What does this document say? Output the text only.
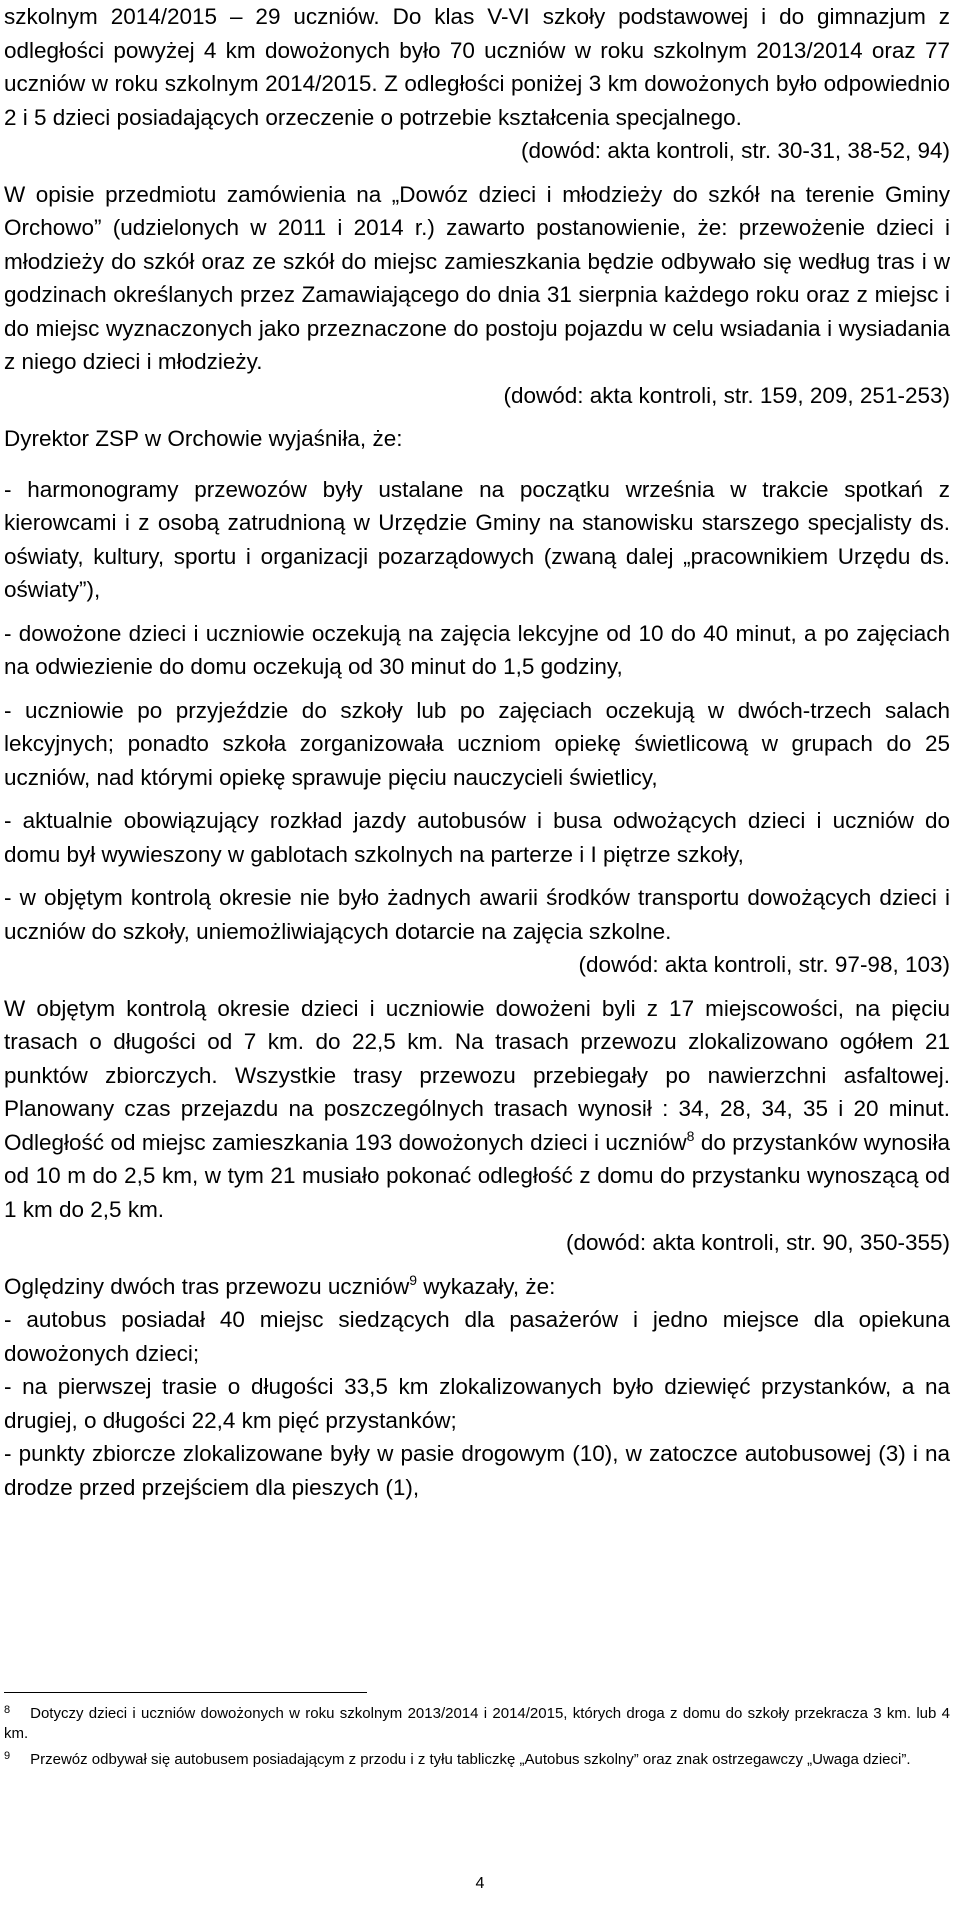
szkolnym 2014/2015 – 29 uczniów. Do klas V-VI szkoły podstawowej i do gimnazjum z odległości powyżej 4 km dowożonych było 70 uczniów w roku szkolnym 2013/2014 oraz 77 uczniów w roku szkolnym 2014/2015. Z odległości poniżej 3 km dowożonych było odpowiednio 2 i 5 dzieci posiadających orzeczenie o potrzebie kształcenia specjalnego.

(dowód: akta kontroli, str. 30-31, 38-52, 94)

W opisie przedmiotu zamówienia na „Dowóz dzieci i młodzieży do szkół na terenie Gminy Orchowo” (udzielonych w 2011 i 2014 r.) zawarto postanowienie, że: przewożenie dzieci i młodzieży do szkół oraz ze szkół do miejsc zamieszkania będzie odbywało się według tras i w godzinach określanych przez Zamawiającego do dnia 31 sierpnia każdego roku oraz z miejsc i do miejsc wyznaczonych jako przeznaczone do postoju pojazdu w celu wsiadania i wysiadania z niego dzieci i młodzieży.

(dowód: akta kontroli, str. 159, 209, 251-253)

Dyrektor ZSP w Orchowie wyjaśniła, że:

- harmonogramy przewozów były ustalane na początku września w trakcie spotkań z kierowcami i z osobą zatrudnioną w Urzędzie Gminy na stanowisku starszego specjalisty ds. oświaty, kultury, sportu i organizacji pozarządowych (zwaną dalej „pracownikiem Urzędu ds. oświaty”),

- dowożone dzieci i uczniowie oczekują na zajęcia lekcyjne od 10 do 40 minut, a po zajęciach na odwiezienie do domu oczekują od 30 minut do 1,5 godziny,

- uczniowie po przyjeździe do szkoły lub po zajęciach oczekują w dwóch-trzech salach lekcyjnych; ponadto szkoła zorganizowała uczniom opiekę świetlicową w grupach do 25 uczniów, nad którymi opiekę sprawuje pięciu nauczycieli świetlicy,

- aktualnie obowiązujący rozkład jazdy autobusów i busa odwożących dzieci i uczniów do domu był wywieszony w gablotach szkolnych na parterze i I piętrze szkoły,

- w objętym kontrolą okresie nie było żadnych awarii środków transportu dowożących dzieci i uczniów do szkoły, uniemożliwiających dotarcie na zajęcia szkolne.

(dowód: akta kontroli, str. 97-98, 103)

W objętym kontrolą okresie dzieci i uczniowie dowożeni byli z 17 miejscowości, na pięciu trasach o długości od 7 km. do 22,5 km. Na trasach przewozu zlokalizowano ogółem 21 punktów zbiorczych. Wszystkie trasy przewozu przebiegały po nawierzchni asfaltowej. Planowany czas przejazdu na poszczególnych trasach wynosił : 34, 28, 34, 35 i 20 minut. Odległość od miejsc zamieszkania 193 dowożonych dzieci i uczniów$^8$ do przystanków wynosiła od 10 m do 2,5 km, w tym 21 musiało pokonać odległość z domu do przystanku wynoszącą od 1 km do 2,5 km.

(dowód: akta kontroli, str. 90, 350-355)

Oględziny dwóch tras przewozu uczniów$^9$ wykazały, że:

- autobus posiadał 40 miejsc siedzących dla pasażerów i jedno miejsce dla opiekuna dowożonych dzieci;

- na pierwszej trasie o długości 33,5 km zlokalizowanych było dziewięć przystanków, a na drugiej, o długości 22,4 km pięć przystanków;

- punkty zbiorcze zlokalizowane były w pasie drogowym (10), w zatoczce autobusowej (3) i na drodze przed przejściem dla pieszych (1),

$^8$ Dotyczy dzieci i uczniów dowożonych w roku szkolnym 2013/2014 i 2014/2015, których droga z domu do szkoły przekracza 3 km. lub 4 km.

$^9$ Przewóz odbywał się autobusem posiadającym z przodu i z tyłu tabliczkę „Autobus szkolny” oraz znak ostrzegawczy „Uwaga dzieci”.

4
